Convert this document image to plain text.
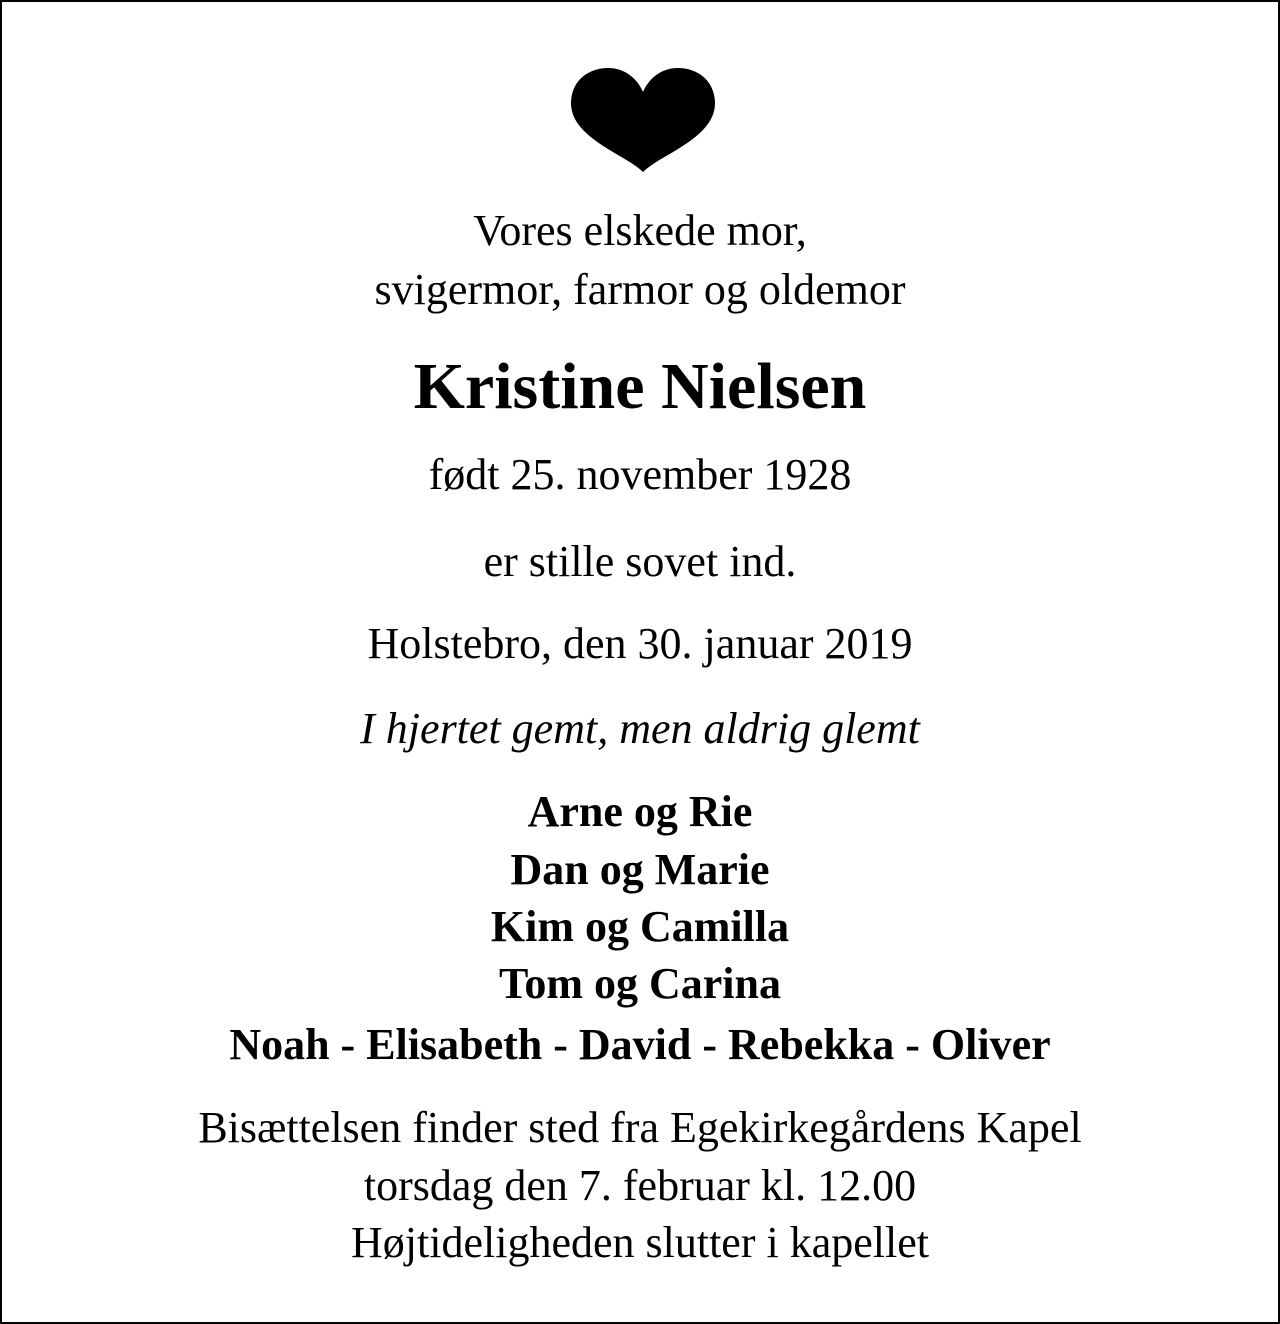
Vores elskede mor,
svigermor, farmor og oldemor
Kristine Nielsen
født 25. november 1928
er stille sovet ind.
Holstebro, den 30. januar 2019
I hjertet gemt, men aldrig glemt
Arne og Rie
Dan og Marie
Kim og Camilla
Tom og Carina
Noah - Elisabeth - David - Rebekka - Oliver
Bisættelsen finder sted fra Egekirkegårdens Kapel
torsdag den 7. februar kl. 12.00
Højtideligheden slutter i kapellet
